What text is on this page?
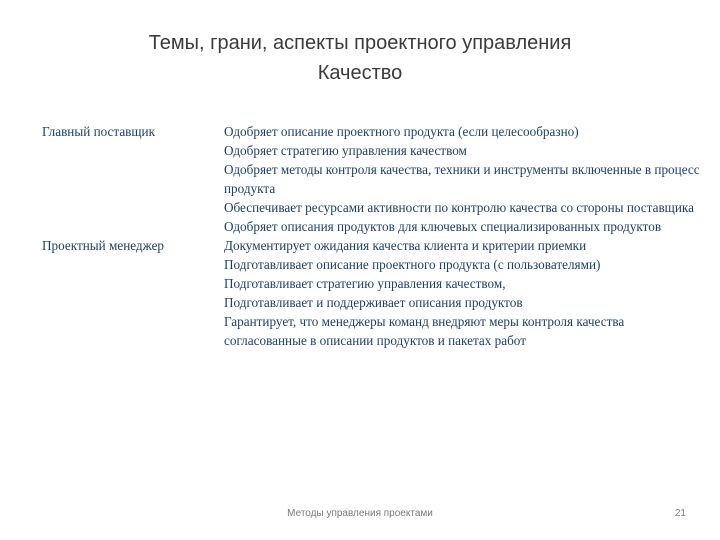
Темы, грани, аспекты проектного управления
Качество
Главный поставщик	Одобряет описание проектного продукта (если целесообразно)
Одобряет стратегию управления качеством
Одобряет методы контроля качества, техники и инструменты включенные в процесс продукта
Обеспечивает ресурсами активности по контролю качества со стороны поставщика
Одобряет описания продуктов для ключевых специализированных продуктов
Проектный менеджер	Документирует ожидания качества клиента и критерии приемки
Подготавливает описание проектного продукта (с пользователями)
Подготавливает стратегию управления качеством,
Подготавливает и поддерживает описания продуктов
Гарантирует, что менеджеры команд внедряют меры контроля качества согласованные в описании продуктов и пакетах работ
Методы управления проектами	21
